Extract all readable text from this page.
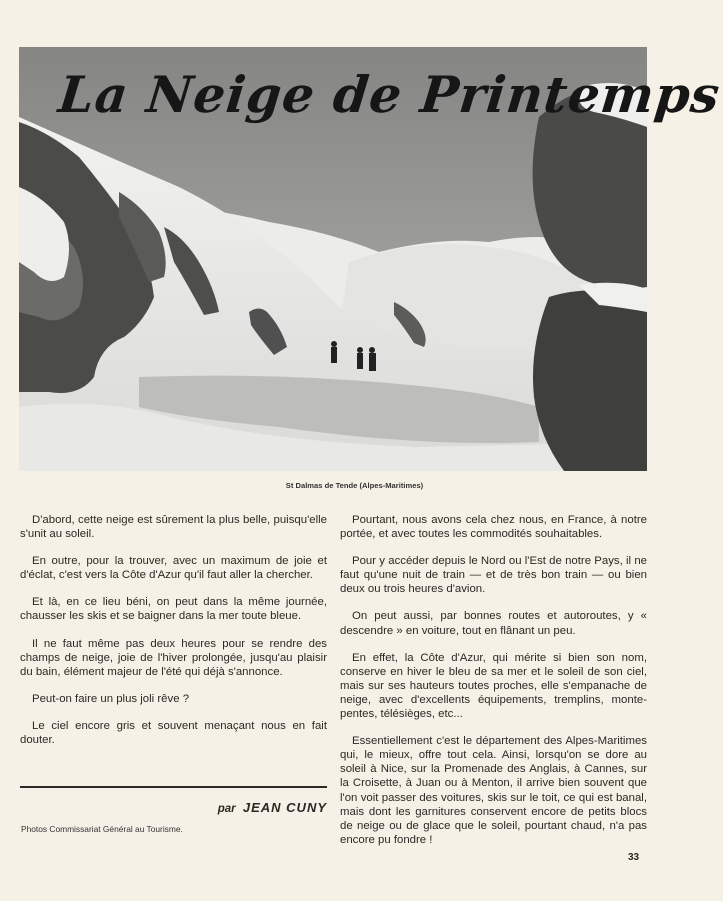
La Neige de Printemps
St Dalmas de Tende (Alpes-Maritimes)

D'abord, cette neige est sûrement la plus belle, puisqu'elle s'unit au soleil.

En outre, pour la trouver, avec un maximum de joie et d'éclat, c'est vers la Côte d'Azur qu'il faut aller la chercher.

Et là, en ce lieu béni, on peut dans la même journée, chausser les skis et se baigner dans la mer toute bleue.

Il ne faut même pas deux heures pour se rendre des champs de neige, joie de l'hiver prolongée, jusqu'au plaisir du bain, élément majeur de l'été qui déjà s'annonce.

Peut-on faire un plus joli rêve ?

Le ciel encore gris et souvent menaçant nous en fait douter.

Pourtant, nous avons cela chez nous, en France, à notre portée, et avec toutes les commodités souhaitables.

Pour y accéder depuis le Nord ou l'Est de notre Pays, il ne faut qu'une nuit de train — et de très bon train — ou bien deux ou trois heures d'avion.

On peut aussi, par bonnes routes et autoroutes, y « descendre » en voiture, tout en flânant un peu.

En effet, la Côte d'Azur, qui mérite si bien son nom, conserve en hiver le bleu de sa mer et le soleil de son ciel, mais sur ses hauteurs toutes proches, elle s'empanache de neige, avec d'excellents équipements, tremplins, monte-pentes, télésièges, etc...

Essentiellement c'est le département des Alpes-Maritimes qui, le mieux, offre tout cela. Ainsi, lorsqu'on se dore au soleil à Nice, sur la Promenade des Anglais, à Cannes, sur la Croisette, à Juan ou à Menton, il arrive bien souvent que l'on voit passer des voitures, skis sur le toit, ce qui est banal, mais dont les garnitures conservent encore de petits blocs de neige ou de glace que le soleil, pourtant chaud, n'a pas encore pu fondre !

par JEAN CUNY
Photos Commissariat Général au Tourisme.
33
